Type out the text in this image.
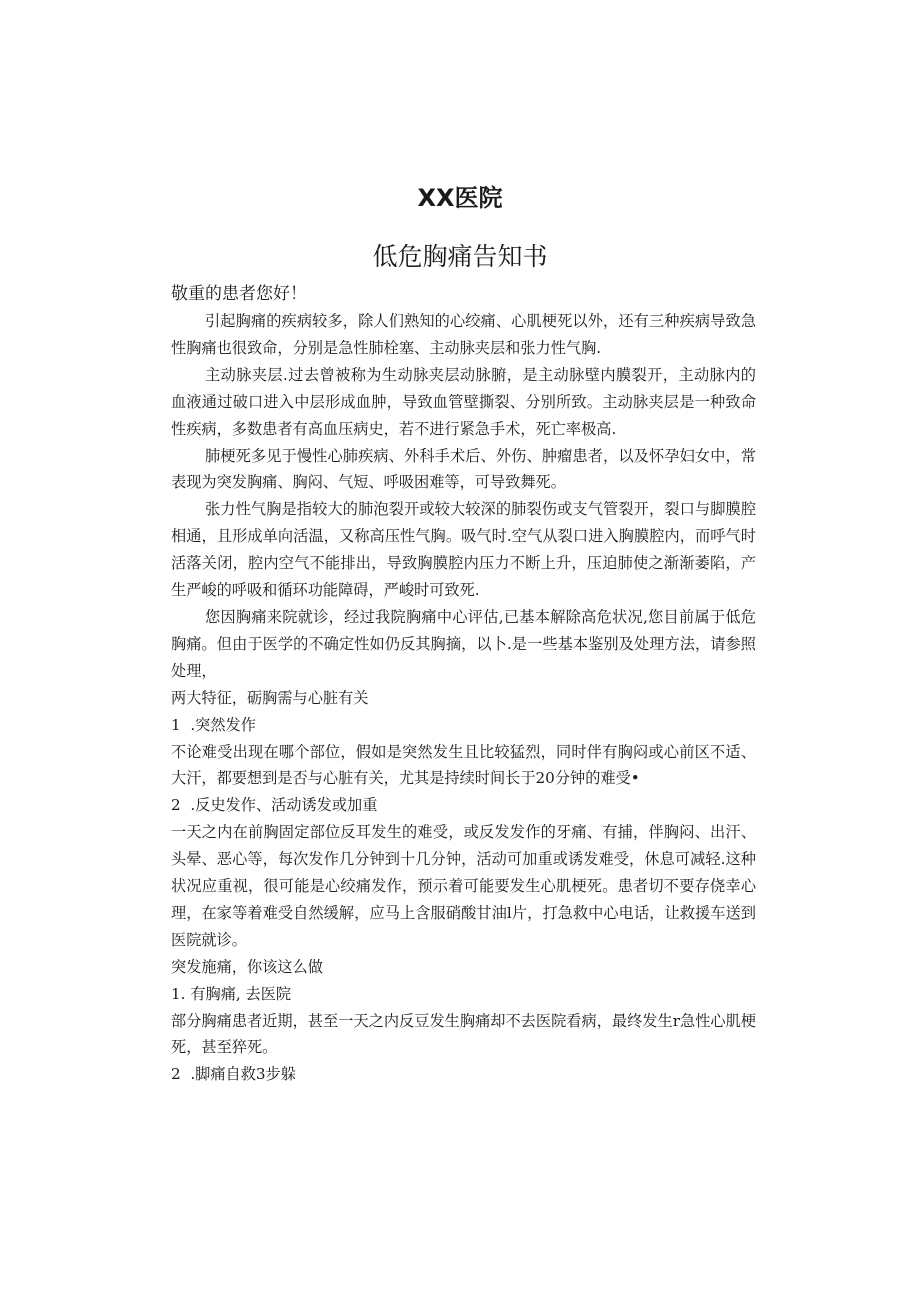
XX医院
低危胸痛告知书

敬重的患者您好！

引起胸痛的疾病较多，除人们熟知的心绞痛、心肌梗死以外，还有三种疾病导致急性胸痛也很致命，分别是急性肺栓塞、主动脉夹层和张力性气胸.

主动脉夹层.过去曾被称为生动脉夹层动脉腑，是主动脉壁内膜裂开，主动脉内的血液通过破口进入中层形成血肿，导致血管壁撕裂、分别所致。主动脉夹层是一种致命性疾病，多数患者有高血压病史，若不进行紧急手术，死亡率极高.

肺梗死多见于慢性心肺疾病、外科手术后、外伤、肿瘤患者，以及怀孕妇女中，常表现为突发胸痛、胸闷、气短、呼吸困难等，可导致舞死。

张力性气胸是指较大的肺泡裂开或较大较深的肺裂伤或支气管裂开，裂口与脚膜腔相通，且形成单向活温，又称高压性气胸。吸气时.空气从裂口进入胸膜腔内，而呼气时活落关闭，腔内空气不能排出，导致胸膜腔内压力不断上升，压迫肺使之渐渐萎陷，产生严峻的呼吸和循环功能障碍，严峻时可致死.

您因胸痛来院就诊，经过我院胸痛中心评估,已基本解除高危状况,您目前属于低危胸痛。但由于医学的不确定性如仍反其胸摘，以卜.是一些基本鉴别及处理方法，请参照处理，

两大特征，砺胸需与心脏有关

1  .突然发作

不论难受出现在哪个部位，假如是突然发生且比较猛烈，同时伴有胸闷或心前区不适、大汗，都要想到是否与心脏有关，尤其是持续时间长于20分钟的难受•

2  .反史发作、活动诱发或加重

一天之内在前胸固定部位反耳发生的难受，或反发发作的牙痛、有捕，伴胸闷、出汗、头晕、恶心等，每次发作几分钟到十几分钟，活动可加重或诱发难受，休息可减轻.这种状况应重视，很可能是心绞痛发作，预示着可能要发生心肌梗死。患者切不要存侥幸心理，在家等着难受自然缓解，应马上含服硝酸甘油l片，打急救中心电话，让救援车送到医院就诊。

突发施痛，你该这么做

1. 有胸痛, 去医院

部分胸痛患者近期，甚至一天之内反豆发生胸痛却不去医院看病，最终发生r急性心肌梗死，甚至猝死。

2  .脚痛自救3步躲
